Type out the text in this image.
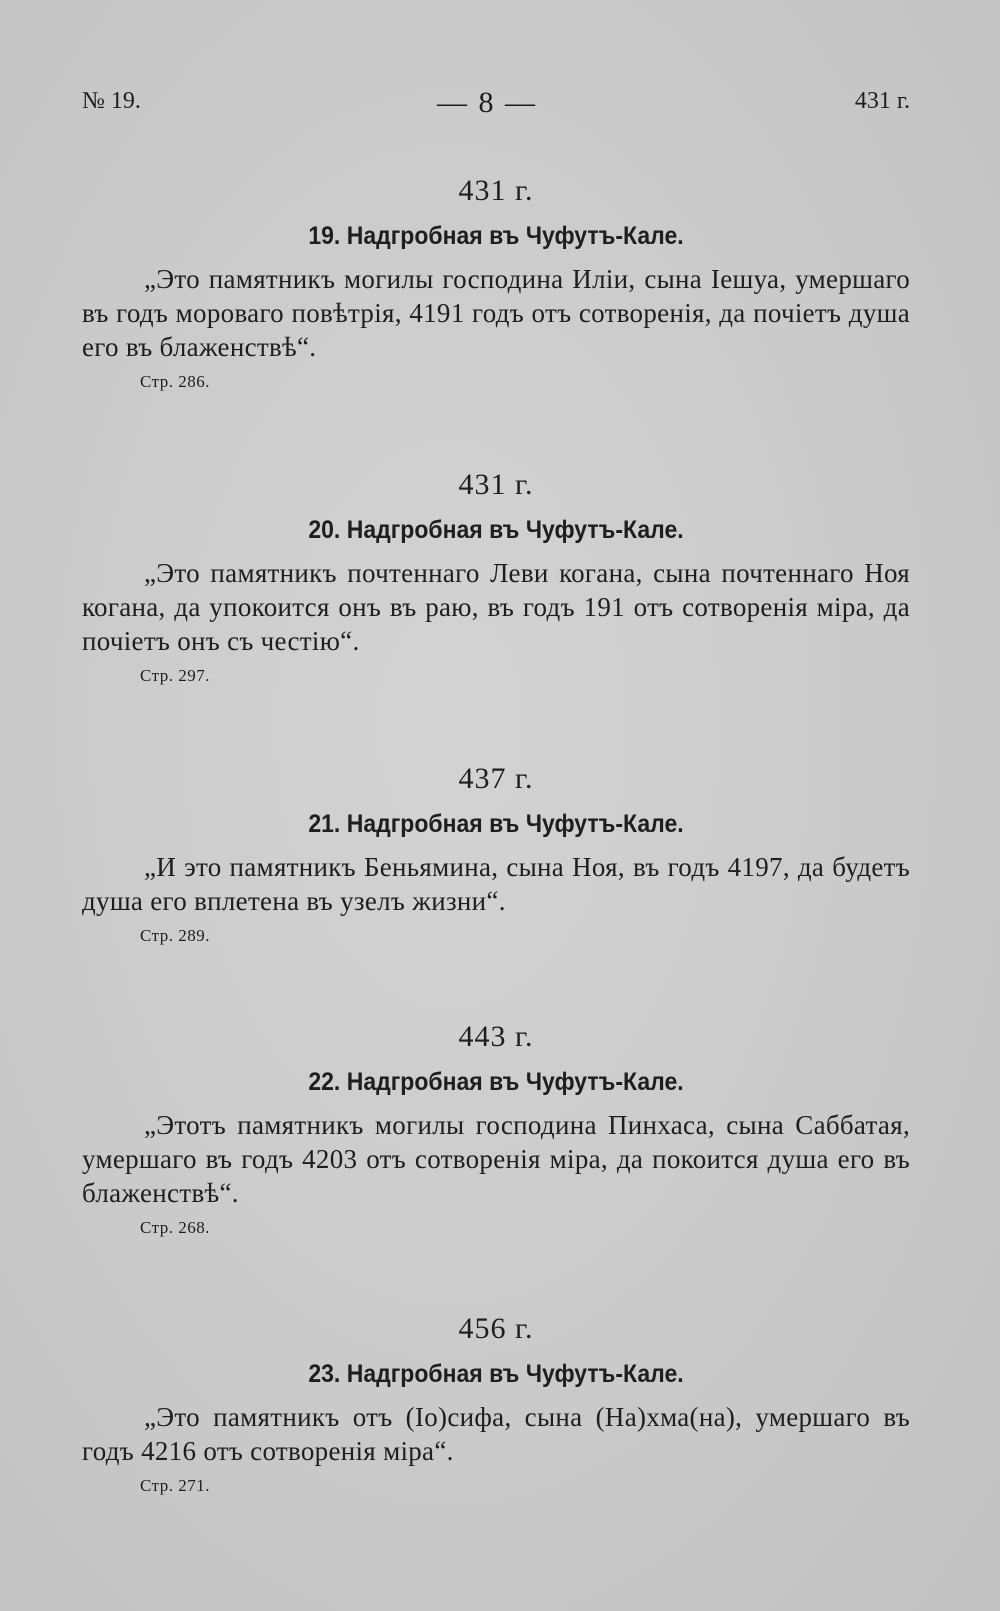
№ 19.	— 8 —	431 г.
431 г.
19. Надгробная въ Чуфутъ-Кале.

„Это памятникъ могилы господина Иліи, сына Іешуа, умершаго въ годъ мороваго повѣтрія, 4191 годъ отъ сотворенія, да почіетъ душа его въ блаженствѣ“.

Стр. 286.
431 г.
20. Надгробная въ Чуфутъ-Кале.

„Это памятникъ почтеннаго Леви когана, сына почтеннаго Ноя когана, да упокоится онъ въ раю, въ годъ 191 отъ сотворенія міра, да почіетъ онъ съ честію“.

Стр. 297.
437 г.
21. Надгробная въ Чуфутъ-Кале.

„И это памятникъ Беньямина, сына Ноя, въ годъ 4197, да будетъ душа его вплетена въ узелъ жизни“.

Стр. 289.
443 г.
22. Надгробная въ Чуфутъ-Кале.

„Этотъ памятникъ могилы господина Пинхаса, сына Саббатая, умершаго въ годъ 4203 отъ сотворенія міра, да покоится душа его въ блаженствѣ“.

Стр. 268.
456 г.
23. Надгробная въ Чуфутъ-Кале.

„Это памятникъ отъ (Іо)сифа, сына (На)хма(на), умершаго въ годъ 4216 отъ сотворенія міра“.

Стр. 271.
